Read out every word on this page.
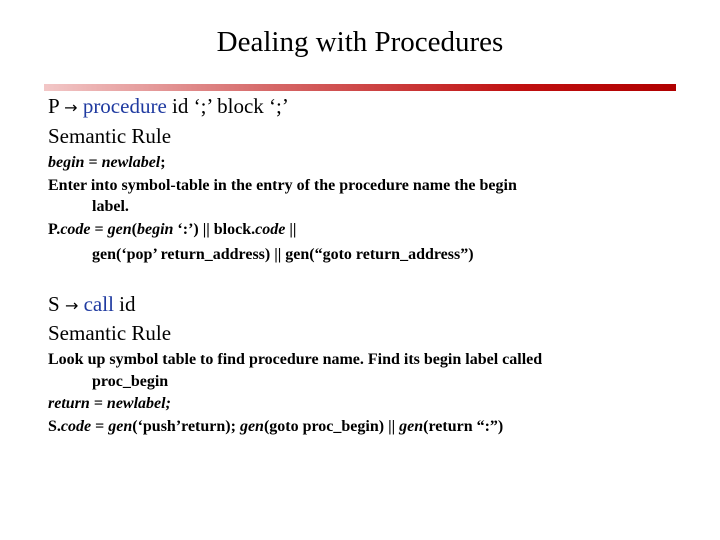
Dealing with Procedures
P → procedure id ‘;’ block ‘;’
Semantic Rule
begin = newlabel;
Enter into symbol-table in the entry of the procedure name the begin
label.
P.code = gen(begin ‘:’) || block.code ||
gen(‘pop’ return_address) || gen(“goto return_address”)
S → call id
Semantic Rule
Look up symbol table to find procedure name. Find its begin label called
proc_begin
return = newlabel;
S.code = gen(‘push’return); gen(goto proc_begin) || gen(return “:”)
